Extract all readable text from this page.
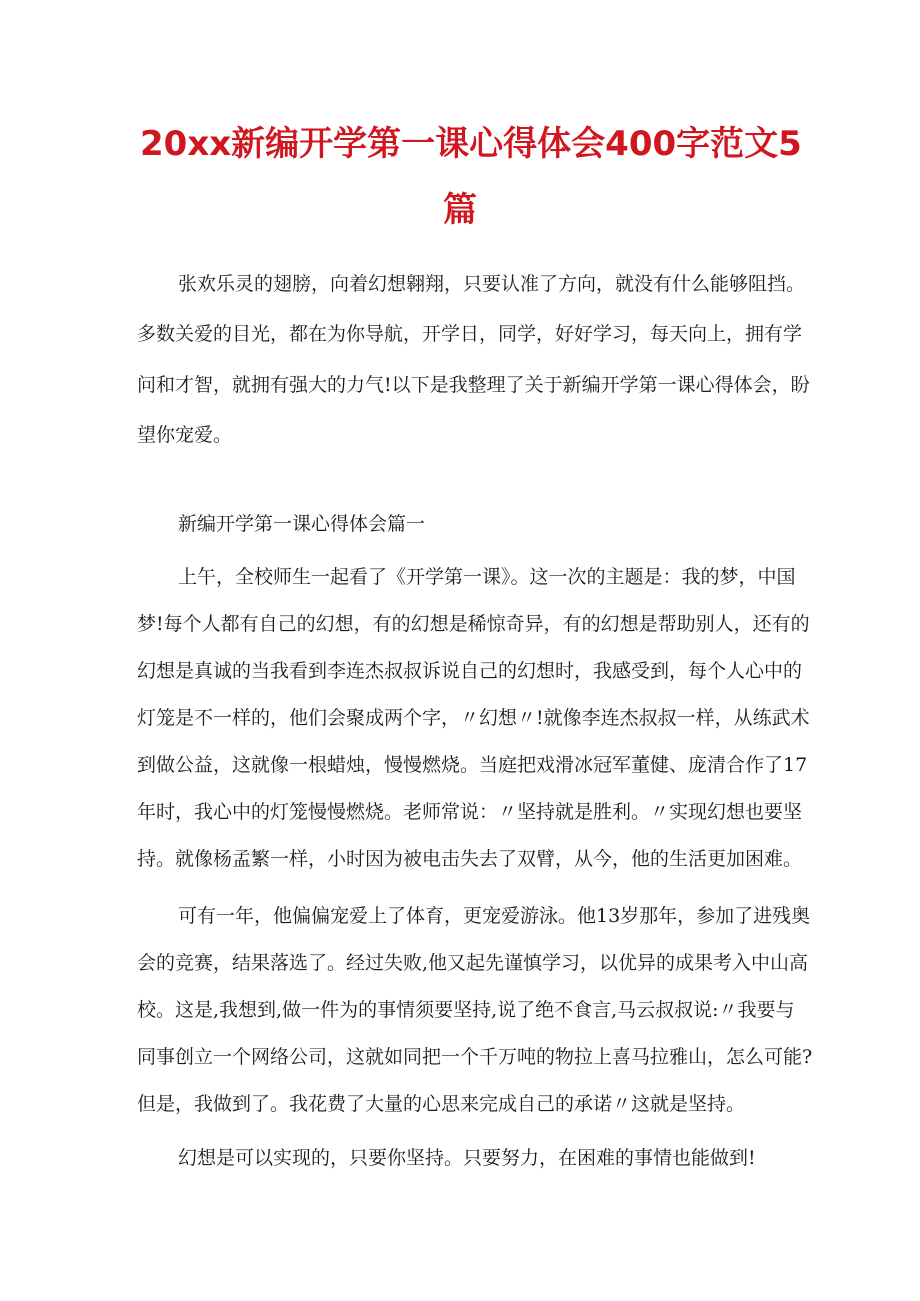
20xx新编开学第一课心得体会400字范文5
篇
张欢乐灵的翅膀，向着幻想翱翔，只要认准了方向，就没有什么能够阻挡。
多数关爱的目光，都在为你导航，开学日，同学，好好学习，每天向上，拥有学
问和才智，就拥有强大的力气!以下是我整理了关于新编开学第一课心得体会，盼
望你宠爱。
新编开学第一课心得体会篇一
上午，全校师生一起看了《开学第一课》。这一次的主题是：我的梦，中国
梦!每个人都有自己的幻想，有的幻想是稀惊奇异，有的幻想是帮助别人，还有的
幻想是真诚的当我看到李连杰叔叔诉说自己的幻想时，我感受到，每个人心中的
灯笼是不一样的，他们会聚成两个字，〃幻想〃!就像李连杰叔叔一样，从练武术
到做公益，这就像一根蜡烛，慢慢燃烧。当庭把戏滑冰冠军董健、庞清合作了17
年时，我心中的灯笼慢慢燃烧。老师常说：〃坚持就是胜利。〃实现幻想也要坚
持。就像杨孟繁一样，小时因为被电击失去了双臂，从今，他的生活更加困难。
可有一年，他偏偏宠爱上了体育，更宠爱游泳。他13岁那年，参加了进残奥
会的竞赛，结果落选了。经过失败,他又起先谨慎学习，以优异的成果考入中山高
校。这是,我想到,做一件为的事情须要坚持,说了绝不食言,马云叔叔说:〃我要与
同事创立一个网络公司，这就如同把一个千万吨的物拉上喜马拉雅山，怎么可能?
但是，我做到了。我花费了大量的心思来完成自己的承诺〃这就是坚持。
幻想是可以实现的，只要你坚持。只要努力，在困难的事情也能做到!
